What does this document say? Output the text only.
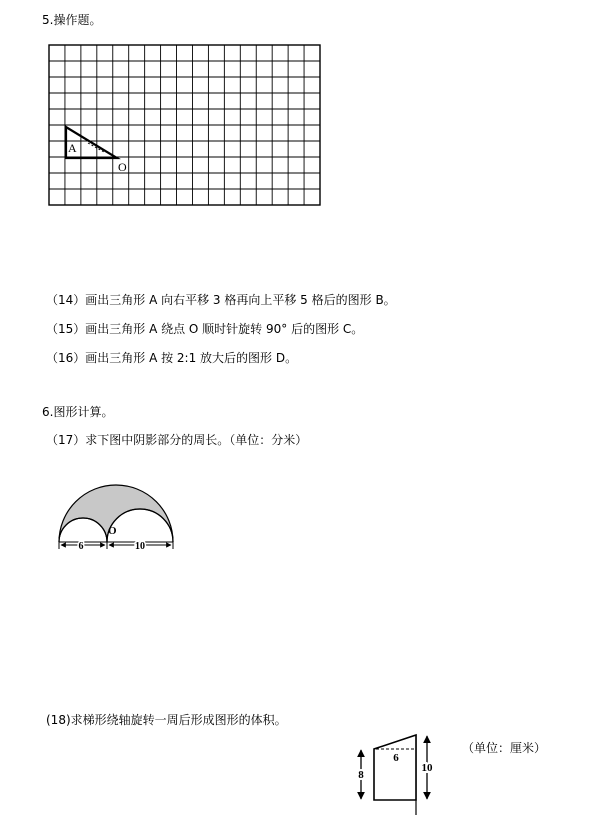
5.操作题。
（14）画出三角形 A 向右平移 3 格再向上平移 5 格后的图形 B。
（15）画出三角形 A 绕点 O 顺时针旋转 90° 后的图形 C。
（16）画出三角形 A 按 2:1 放大后的图形 D。
6.图形计算。
（17）求下图中阴影部分的周长。（单位：分米）
(18)求梯形绕轴旋转一周后形成图形的体积。
（单位：厘米）
A
O
O
6	10
6
8
10
